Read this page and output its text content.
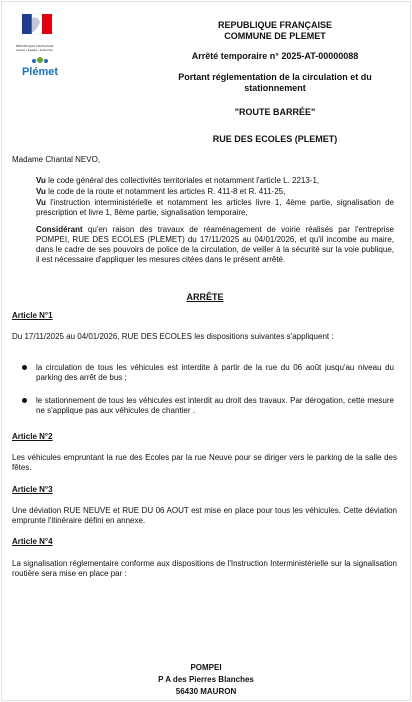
RÉPUBLIQUE FRANÇAISE
Liberté • Égalité • Fraternité
Plémet
REPUBLIQUE FRANÇAISE
COMMUNE DE PLEMET
Arrêté temporaire n° 2025-AT-00000088
Portant réglementation de la circulation et du stationnement
"ROUTE BARRÉE"
RUE DES ECOLES (PLEMET)
Madame Chantal NEVO,
Vu le code général des collectivités territoriales et notamment l'article L. 2213-1,
Vu le code de la route et notamment les articles R. 411-8 et R. 411-25,
Vu l'instruction interministérielle et notamment les articles livre 1, 4ème partie, signalisation de prescription et livre 1, 8ème partie, signalisation temporaire,
Considérant qu'en raison des travaux de réaménagement de voirie réalisés par l'entreprise POMPEI, RUE DES ECOLES (PLEMET) du 17/11/2025 au 04/01/2026, et qu'il incombe au maire, dans le cadre de ses pouvoirs de police de la circulation, de veiller à la sécurité sur la voie publique, il est nécessaire d'appliquer les mesures citées dans le présent arrêté.
ARRÊTE
Article N°1
Du 17/11/2025 au 04/01/2026, RUE DES ECOLES les dispositions suivantes s'appliquent :
la circulation de tous les véhicules est interdite à partir de la rue du 06 août jusqu'au niveau du parking des arrêt de bus ;
le stationnement de tous les véhicules est interdit au droit des travaux. Par dérogation, cette mesure ne s'applique pas aux véhicules de chantier .
Article N°2
Les véhicules empruntant la rue des Ecoles par la rue Neuve pour se diriger vers le parking de la salle des fêtes.
Article N°3
Une déviation RUE NEUVE et RUE DU 06 AOUT est mise en place pour tous les véhicules. Cette déviation emprunte l'itinéraire défini en annexe.
Article N°4
La signalisation réglementaire conforme aux dispositions de l'Instruction Interministérielle sur la signalisation routière sera mise en place par :
POMPEI
P A des Pierres Blanches
56430 MAURON
